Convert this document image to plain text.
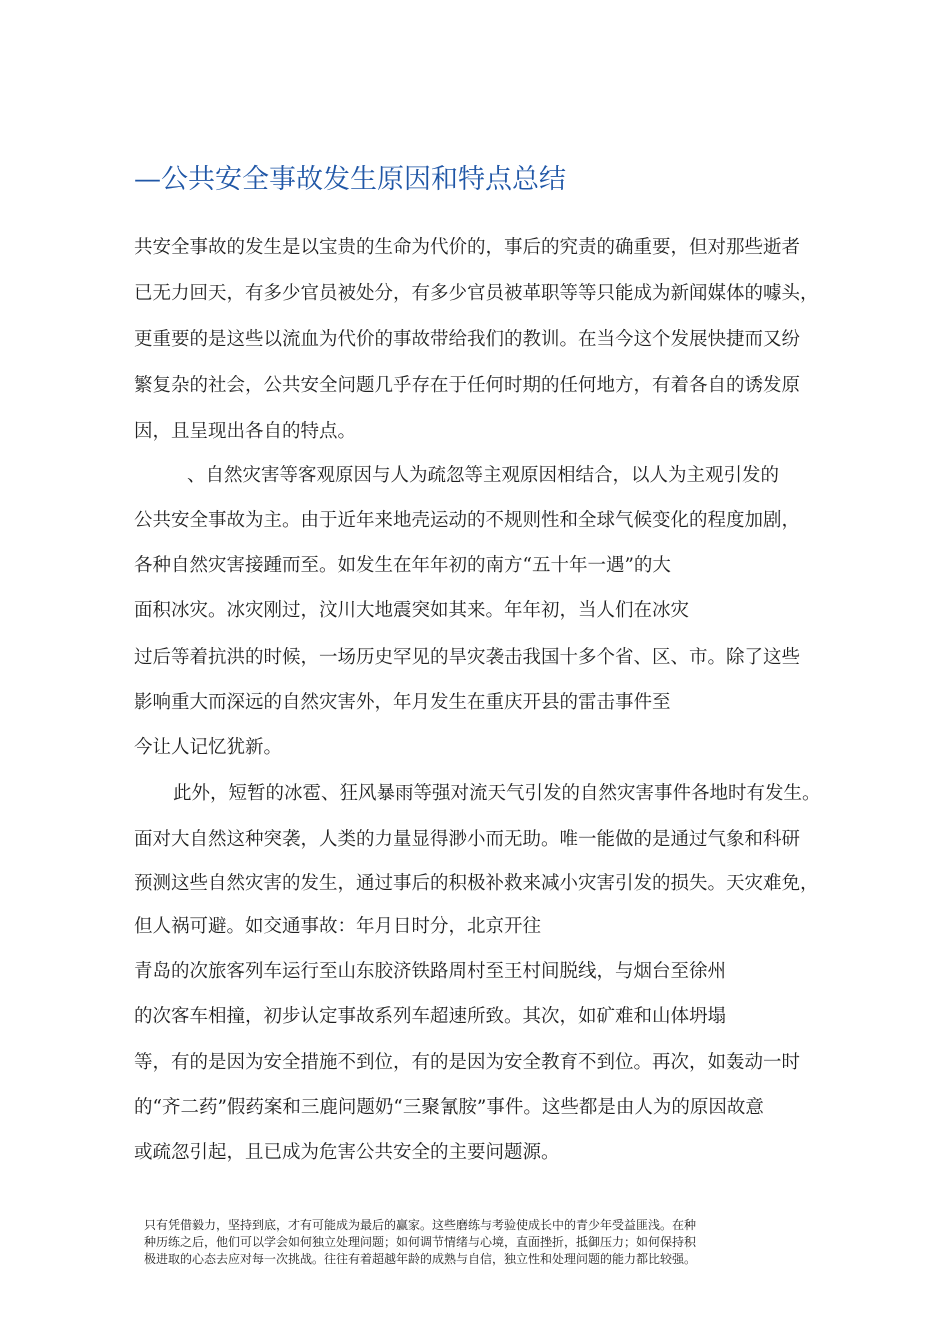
—公共安全事故发生原因和特点总结
共安全事故的发生是以宝贵的生命为代价的，事后的究责的确重要，但对那些逝者
已无力回天，有多少官员被处分，有多少官员被革职等等只能成为新闻媒体的噱头，
更重要的是这些以流血为代价的事故带给我们的教训。在当今这个发展快捷而又纷
繁复杂的社会，公共安全问题几乎存在于任何时期的任何地方，有着各自的诱发原
因，且呈现出各自的特点。
、自然灾害等客观原因与人为疏忽等主观原因相结合，以人为主观引发的
公共安全事故为主。由于近年来地壳运动的不规则性和全球气候变化的程度加剧，
各种自然灾害接踵而至。如发生在年年初的南方“五十年一遇”的大
面积冰灾。冰灾刚过，汶川大地震突如其来。年年初，当人们在冰灾
过后等着抗洪的时候，一场历史罕见的旱灾袭击我国十多个省、区、市。除了这些
影响重大而深远的自然灾害外，年月发生在重庆开县的雷击事件至
今让人记忆犹新。
此外，短暂的冰雹、狂风暴雨等强对流天气引发的自然灾害事件各地时有发生。
面对大自然这种突袭，人类的力量显得渺小而无助。唯一能做的是通过气象和科研
预测这些自然灾害的发生，通过事后的积极补救来减小灾害引发的损失。天灾难免，
但人祸可避。如交通事故：年月日时分，北京开往
青岛的次旅客列车运行至山东胶济铁路周村至王村间脱线，与烟台至徐州
的次客车相撞，初步认定事故系列车超速所致。其次，如矿难和山体坍塌
等，有的是因为安全措施不到位，有的是因为安全教育不到位。再次，如轰动一时
的“齐二药”假药案和三鹿问题奶“三聚氰胺”事件。这些都是由人为的原因故意
或疏忽引起，且已成为危害公共安全的主要问题源。
只有凭借毅力，坚持到底，才有可能成为最后的赢家。这些磨练与考验使成长中的青少年受益匪浅。在种
种历练之后，他们可以学会如何独立处理问题；如何调节情绪与心境，直面挫折，抵御压力；如何保持积
极进取的心态去应对每一次挑战。往往有着超越年龄的成熟与自信，独立性和处理问题的能力都比较强。
